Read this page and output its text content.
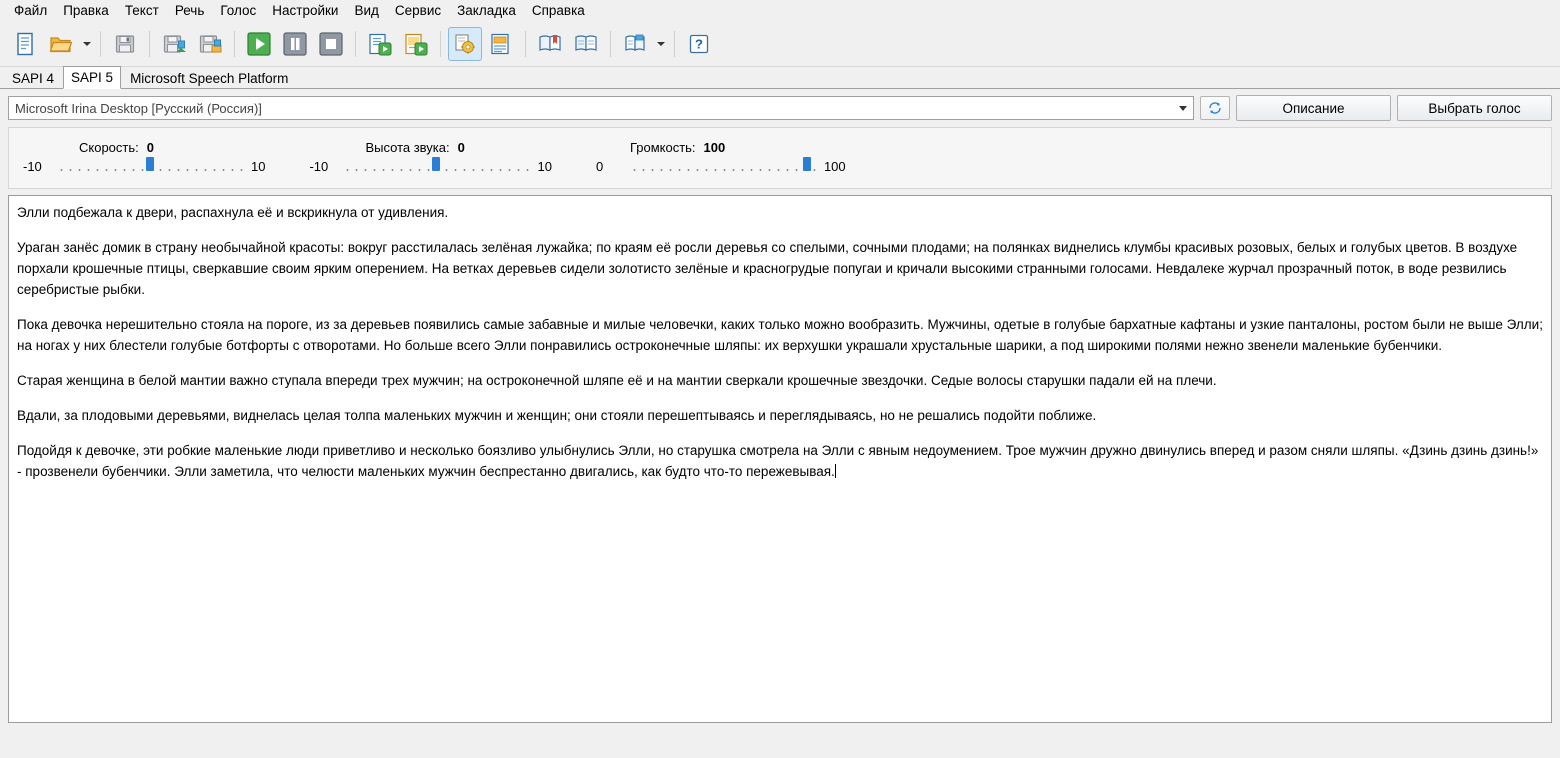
Файл	Правка	Текст	Речь	Голос	Настройки	Вид	Сервис	Закладка	Справка
?
SAPI 4	SAPI 5	Microsoft Speech Platform
Microsoft Irina Desktop [Русский (Россия)]	Описание	Выбрать голос
Скорость: 0
-10	10
Высота звука: 0
-10	10
Громкость: 100
0	100

Элли подбежала к двери, распахнула её и вскрикнула от удивления.

Ураган занёс домик в страну необычайной красоты: вокруг расстилалась зелёная лужайка; по краям её росли деревья со спелыми, сочными плодами; на полянках виднелись клумбы красивых розовых, белых и голубых цветов. В воздухе порхали крошечные птицы, сверкавшие своим ярким оперением. На ветках деревьев сидели золотисто зелёные и красногрудые попугаи и кричали высокими странными голосами. Невдалеке журчал прозрачный поток, в воде резвились серебристые рыбки.

Пока девочка нерешительно стояла на пороге, из за деревьев появились самые забавные и милые человечки, каких только можно вообразить. Мужчины, одетые в голубые бархатные кафтаны и узкие панталоны, ростом были не выше Элли; на ногах у них блестели голубые ботфорты с отворотами. Но больше всего Элли понравились остроконечные шляпы: их верхушки украшали хрустальные шарики, а под широкими полями нежно звенели маленькие бубенчики.

Старая женщина в белой мантии важно ступала впереди трех мужчин; на остроконечной шляпе её и на мантии сверкали крошечные звездочки. Седые волосы старушки падали ей на плечи.

Вдали, за плодовыми деревьями, виднелась целая толпа маленьких мужчин и женщин; они стояли перешептываясь и переглядываясь, но не решались подойти поближе.

Подойдя к девочке, эти робкие маленькие люди приветливо и несколько боязливо улыбнулись Элли, но старушка смотрела на Элли с явным недоумением. Трое мужчин дружно двинулись вперед и разом сняли шляпы. «Дзинь дзинь дзинь!» - прозвенели бубенчики. Элли заметила, что челюсти маленьких мужчин беспрестанно двигались, как будто что-то пережевывая.
